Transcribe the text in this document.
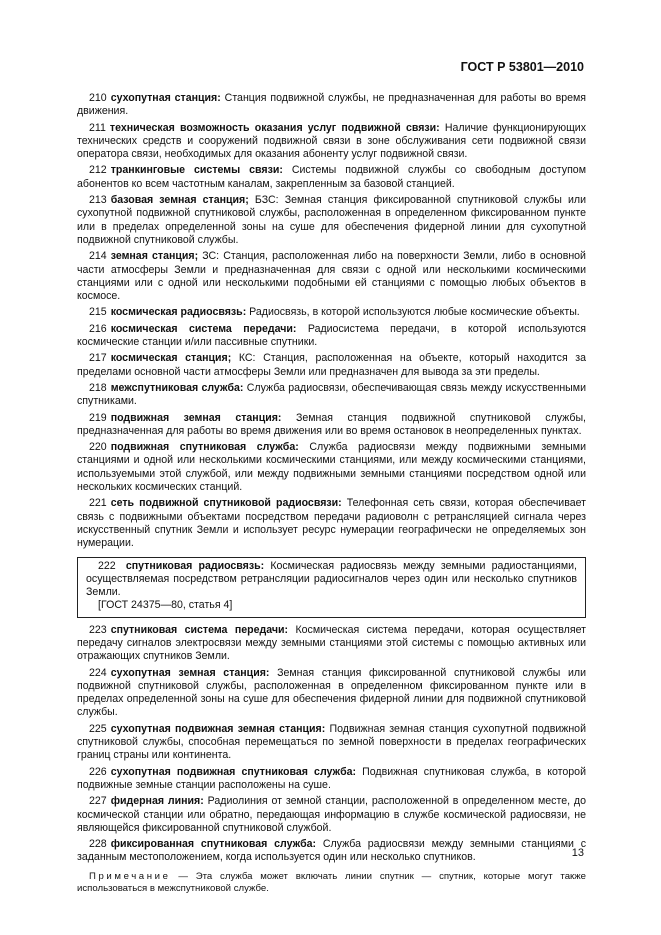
ГОСТ Р 53801—2010

210 сухопутная станция: Станция подвижной службы, не предназначенная для работы во время движения.

211 техническая возможность оказания услуг подвижной связи: Наличие функционирующих технических средств и сооружений подвижной связи в зоне обслуживания сети подвижной связи оператора связи, необходимых для оказания абоненту услуг подвижной связи.

212 транкинговые системы связи: Системы подвижной службы со свободным доступом абонентов ко всем частотным каналам, закрепленным за базовой станцией.

213 базовая земная станция; БЗС: Земная станция фиксированной спутниковой службы или сухопутной подвижной спутниковой службы, расположенная в определенном фиксированном пункте или в пределах определенной зоны на суше для обеспечения фидерной линии для сухопутной подвижной спутниковой службы.

214 земная станция; ЗС: Станция, расположенная либо на поверхности Земли, либо в основной части атмосферы Земли и предназначенная для связи с одной или несколькими космическими станциями или с одной или несколькими подобными ей станциями с помощью любых объектов в космосе.

215 космическая радиосвязь: Радиосвязь, в которой используются любые космические объекты.

216 космическая система передачи: Радиосистема передачи, в которой используются космические станции и/или пассивные спутники.

217 космическая станция; КС: Станция, расположенная на объекте, который находится за пределами основной части атмосферы Земли или предназначен для вывода за эти пределы.

218 межспутниковая служба: Служба радиосвязи, обеспечивающая связь между искусственными спутниками.

219 подвижная земная станция: Земная станция подвижной спутниковой службы, предназначенная для работы во время движения или во время остановок в неопределенных пунктах.

220 подвижная спутниковая служба: Служба радиосвязи между подвижными земными станциями и одной или несколькими космическими станциями, или между космическими станциями, используемыми этой службой, или между подвижными земными станциями посредством одной или нескольких космических станций.

221 сеть подвижной спутниковой радиосвязи: Телефонная сеть связи, которая обеспечивает связь с подвижными объектами посредством передачи радиоволн с ретрансляцией сигнала через искусственный спутник Земли и использует ресурс нумерации географически не определяемых зон нумерации.

222 спутниковая радиосвязь: Космическая радиосвязь между земными радиостанциями, осуществляемая посредством ретрансляции радиосигналов через один или несколько спутников Земли.

[ГОСТ 24375—80, статья 4]

223 спутниковая система передачи: Космическая система передачи, которая осуществляет передачу сигналов электросвязи между земными станциями этой системы с помощью активных или отражающих спутников Земли.

224 сухопутная земная станция: Земная станция фиксированной спутниковой службы или подвижной спутниковой службы, расположенная в определенном фиксированном пункте или в пределах определенной зоны на суше для обеспечения фидерной линии для подвижной спутниковой службы.

225 сухопутная подвижная земная станция: Подвижная земная станция сухопутной подвижной спутниковой службы, способная перемещаться по земной поверхности в пределах географических границ страны или континента.

226 сухопутная подвижная спутниковая служба: Подвижная спутниковая служба, в которой подвижные земные станции расположены на суше.

227 фидерная линия: Радиолиния от земной станции, расположенной в определенном месте, до космической станции или обратно, передающая информацию в службе космической радиосвязи, не являющейся фиксированной спутниковой службой.

228 фиксированная спутниковая служба: Служба радиосвязи между земными станциями с заданным местоположением, когда используется один или несколько спутников.

Примечание — Эта служба может включать линии спутник — спутник, которые могут также использоваться в межспутниковой службе.

13
